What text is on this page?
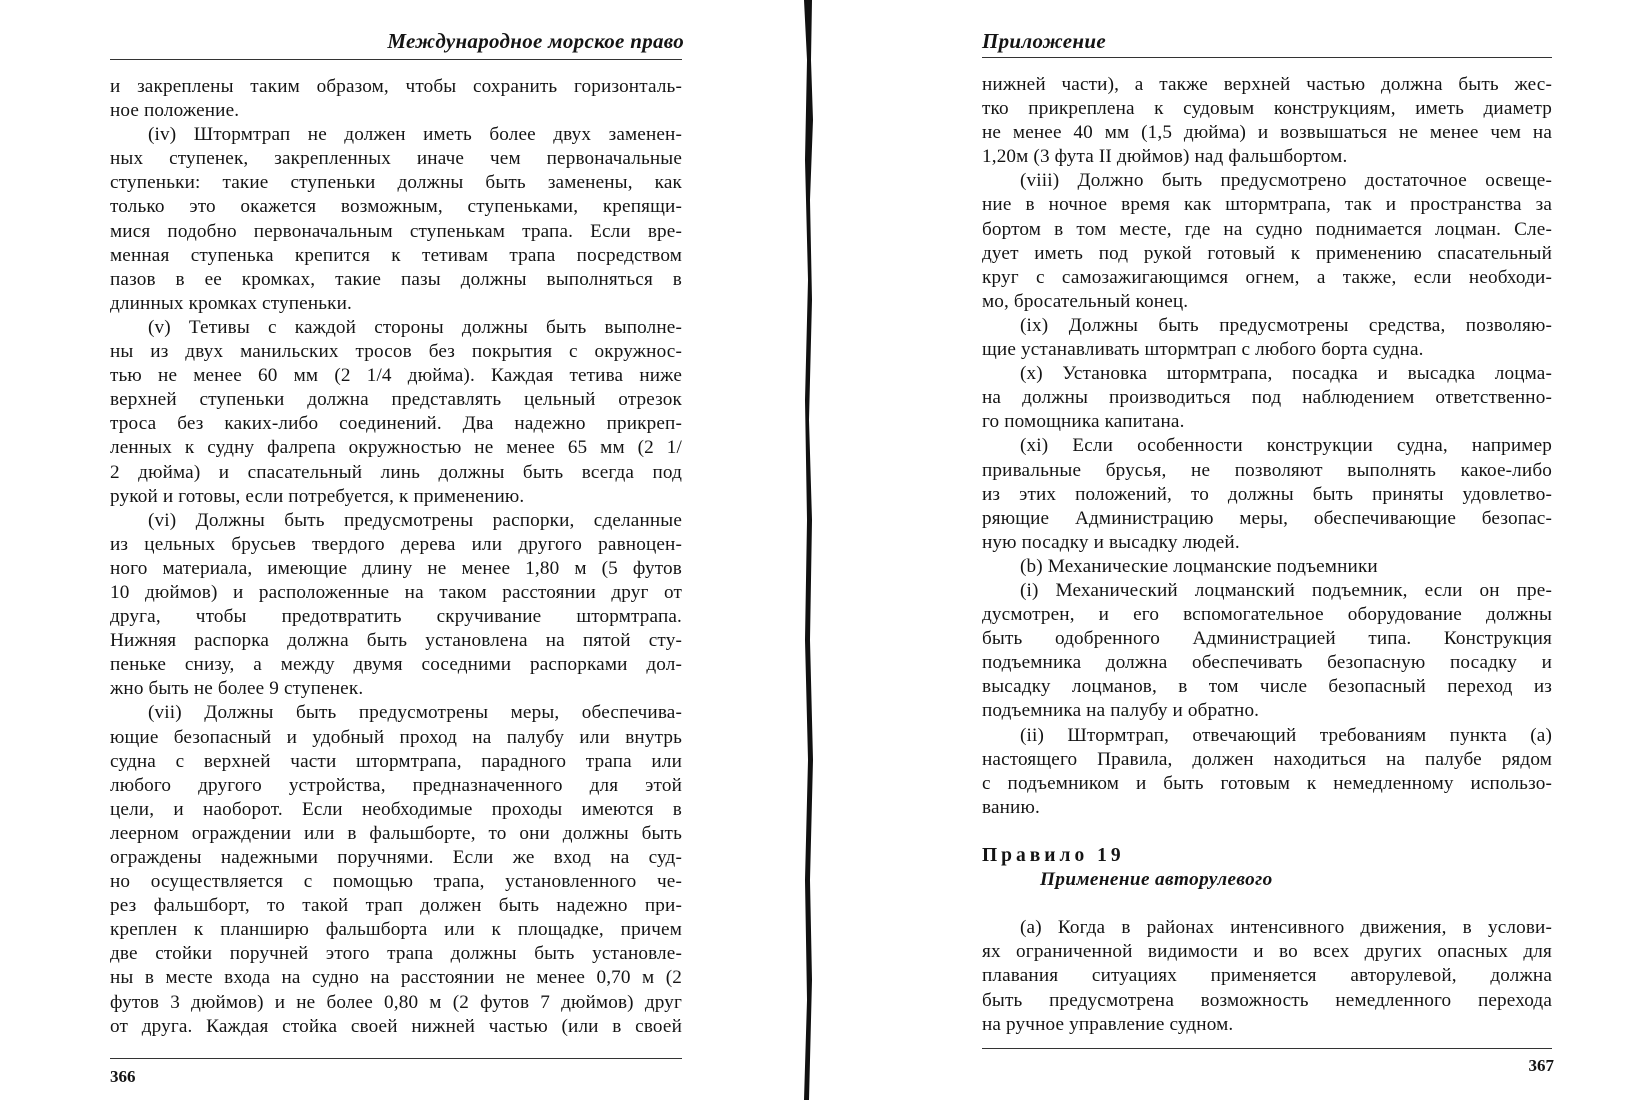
Международное морское право
и закреплены таким образом, чтобы сохранить горизонталь-
ное положение.
(iv) Штормтрап не должен иметь более двух заменен-
ных ступенек, закрепленных иначе чем первоначальные
ступеньки: такие ступеньки должны быть заменены, как
только это окажется возможным, ступеньками, крепящи-
мися подобно первоначальным ступенькам трапа. Если вре-
менная ступенька крепится к тетивам трапа посредством
пазов в ее кромках, такие пазы должны выполняться в
длинных кромках ступеньки.
(v) Тетивы с каждой стороны должны быть выполне-
ны из двух манильских тросов без покрытия с окружнос-
тью не менее 60 мм (2 1/4 дюйма). Каждая тетива ниже
верхней ступеньки должна представлять цельный отрезок
троса без каких-либо соединений. Два надежно прикреп-
ленных к судну фалрепа окружностью не менее 65 мм (2 1/
2 дюйма) и спасательный линь должны быть всегда под
рукой и готовы, если потребуется, к применению.
(vi) Должны быть предусмотрены распорки, сделанные
из цельных брусьев твердого дерева или другого равноцен-
ного материала, имеющие длину не менее 1,80 м (5 футов
10 дюймов) и расположенные на таком расстоянии друг от
друга, чтобы предотвратить скручивание штормтрапа.
Нижняя распорка должна быть установлена на пятой сту-
пеньке снизу, а между двумя соседними распорками дол-
жно быть не более 9 ступенек.
(vii) Должны быть предусмотрены меры, обеспечива-
ющие безопасный и удобный проход на палубу или внутрь
судна с верхней части штормтрапа, парадного трапа или
любого другого устройства, предназначенного для этой
цели, и наоборот. Если необходимые проходы имеются в
леерном ограждении или в фальшборте, то они должны быть
ограждены надежными поручнями. Если же вход на суд-
но осуществляется с помощью трапа, установленного че-
рез фальшборт, то такой трап должен быть надежно при-
креплен к планширю фальшборта или к площадке, причем
две стойки поручней этого трапа должны быть установле-
ны в месте входа на судно на расстоянии не менее 0,70 м (2
футов 3 дюймов) и не более 0,80 м (2 футов 7 дюймов) друг
от друга. Каждая стойка своей нижней частью (или в своей
366
Приложение
нижней части), а также верхней частью должна быть жес-
тко прикреплена к судовым конструкциям, иметь диаметр
не менее 40 мм (1,5 дюйма) и возвышаться не менее чем на
1,20м (3 фута II дюймов) над фальшбортом.
(viii) Должно быть предусмотрено достаточное освеще-
ние в ночное время как штормтрапа, так и пространства за
бортом в том месте, где на судно поднимается лоцман. Сле-
дует иметь под рукой готовый к применению спасательный
круг с самозажигающимся огнем, а также, если необходи-
мо, бросательный конец.
(ix) Должны быть предусмотрены средства, позволяю-
щие устанавливать штормтрап с любого борта судна.
(x) Установка штормтрапа, посадка и высадка лоцма-
на должны производиться под наблюдением ответственно-
го помощника капитана.
(xi) Если особенности конструкции судна, например
привальные брусья, не позволяют выполнять какое-либо
из этих положений, то должны быть приняты удовлетво-
ряющие Администрацию меры, обеспечивающие безопас-
ную посадку и высадку людей.
(b) Механические лоцманские подъемники
(i) Механический лоцманский подъемник, если он пре-
дусмотрен, и его вспомогательное оборудование должны
быть одобренного Администрацией типа. Конструкция
подъемника должна обеспечивать безопасную посадку и
высадку лоцманов, в том числе безопасный переход из
подъемника на палубу и обратно.
(ii) Штормтрап, отвечающий требованиям пункта (а)
настоящего Правила, должен находиться на палубе рядом
с подъемником и быть готовым к немедленному использо-
ванию.
Правило 19
Применение авторулевого
(а) Когда в районах интенсивного движения, в услови-
ях ограниченной видимости и во всех других опасных для
плавания ситуациях применяется авторулевой, должна
быть предусмотрена возможность немедленного перехода
на ручное управление судном.
367
